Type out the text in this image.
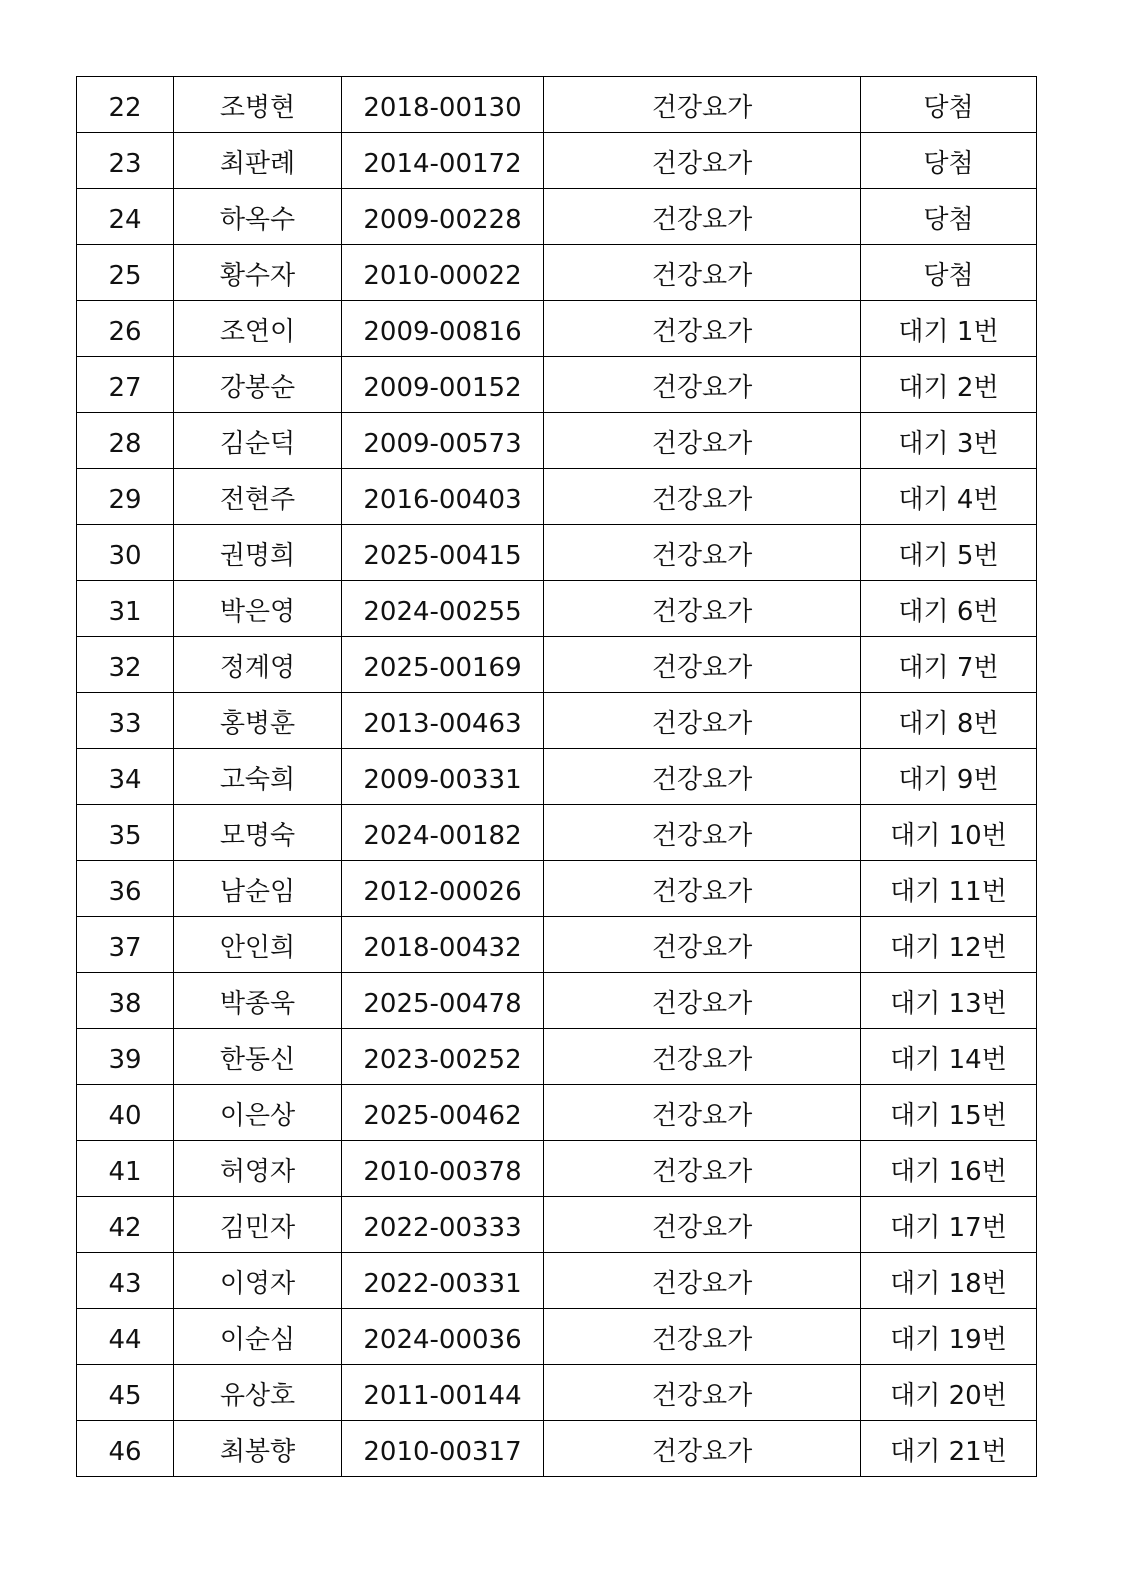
22	조병현	2018-00130	건강요가	당첨
23	최판례	2014-00172	건강요가	당첨
24	하옥수	2009-00228	건강요가	당첨
25	황수자	2010-00022	건강요가	당첨
26	조연이	2009-00816	건강요가	대기 1번
27	강봉순	2009-00152	건강요가	대기 2번
28	김순덕	2009-00573	건강요가	대기 3번
29	전현주	2016-00403	건강요가	대기 4번
30	권명희	2025-00415	건강요가	대기 5번
31	박은영	2024-00255	건강요가	대기 6번
32	정계영	2025-00169	건강요가	대기 7번
33	홍병훈	2013-00463	건강요가	대기 8번
34	고숙희	2009-00331	건강요가	대기 9번
35	모명숙	2024-00182	건강요가	대기 10번
36	남순임	2012-00026	건강요가	대기 11번
37	안인희	2018-00432	건강요가	대기 12번
38	박종욱	2025-00478	건강요가	대기 13번
39	한동신	2023-00252	건강요가	대기 14번
40	이은상	2025-00462	건강요가	대기 15번
41	허영자	2010-00378	건강요가	대기 16번
42	김민자	2022-00333	건강요가	대기 17번
43	이영자	2022-00331	건강요가	대기 18번
44	이순심	2024-00036	건강요가	대기 19번
45	유상호	2011-00144	건강요가	대기 20번
46	최봉향	2010-00317	건강요가	대기 21번
